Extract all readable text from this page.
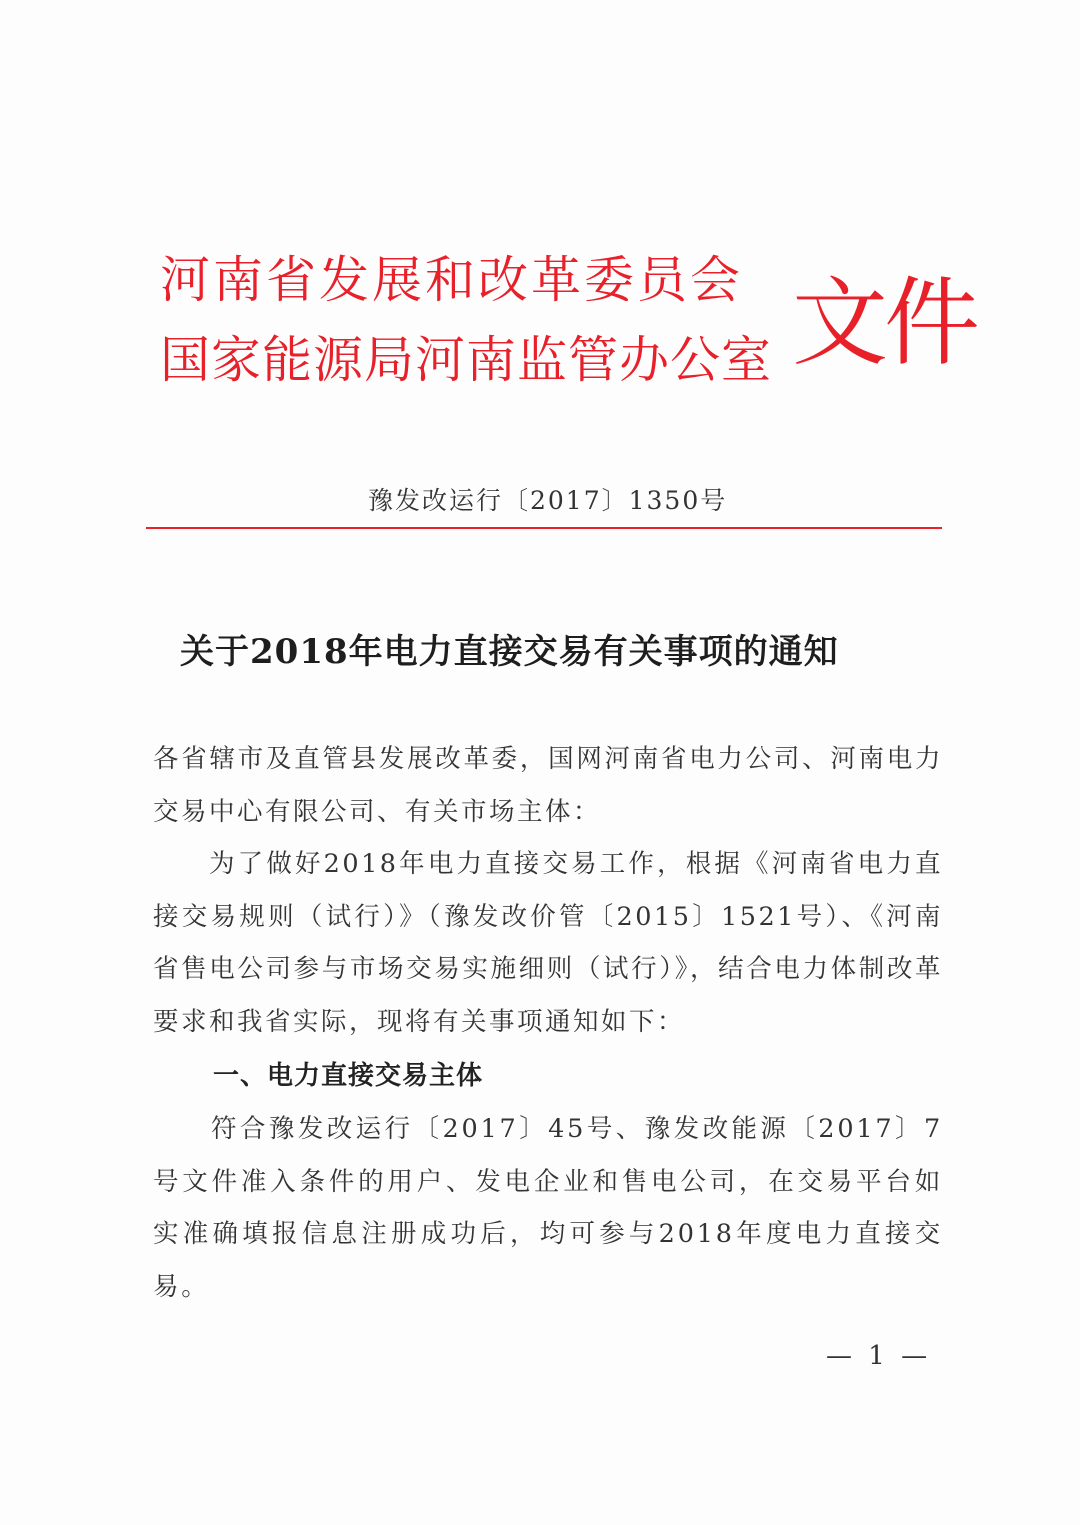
河南省发展和改革委员会
国家能源局河南监管办公室 文件
豫发改运行〔2017〕1350号
关于2018年电力直接交易有关事项的通知
各省辖市及直管县发展改革委，国网河南省电力公司、河南电力交易中心有限公司、有关市场主体：
为了做好2018年电力直接交易工作，根据《河南省电力直接交易规则（试行）》（豫发改价管〔2015〕1521号）、《河南省售电公司参与市场交易实施细则（试行）》，结合电力体制改革要求和我省实际，现将有关事项通知如下：
一、电力直接交易主体
符合豫发改运行〔2017〕45号、豫发改能源〔2017〕7号文件准入条件的用户、发电企业和售电公司，在交易平台如实准确填报信息注册成功后，均可参与2018年度电力直接交易。
— 1 —
